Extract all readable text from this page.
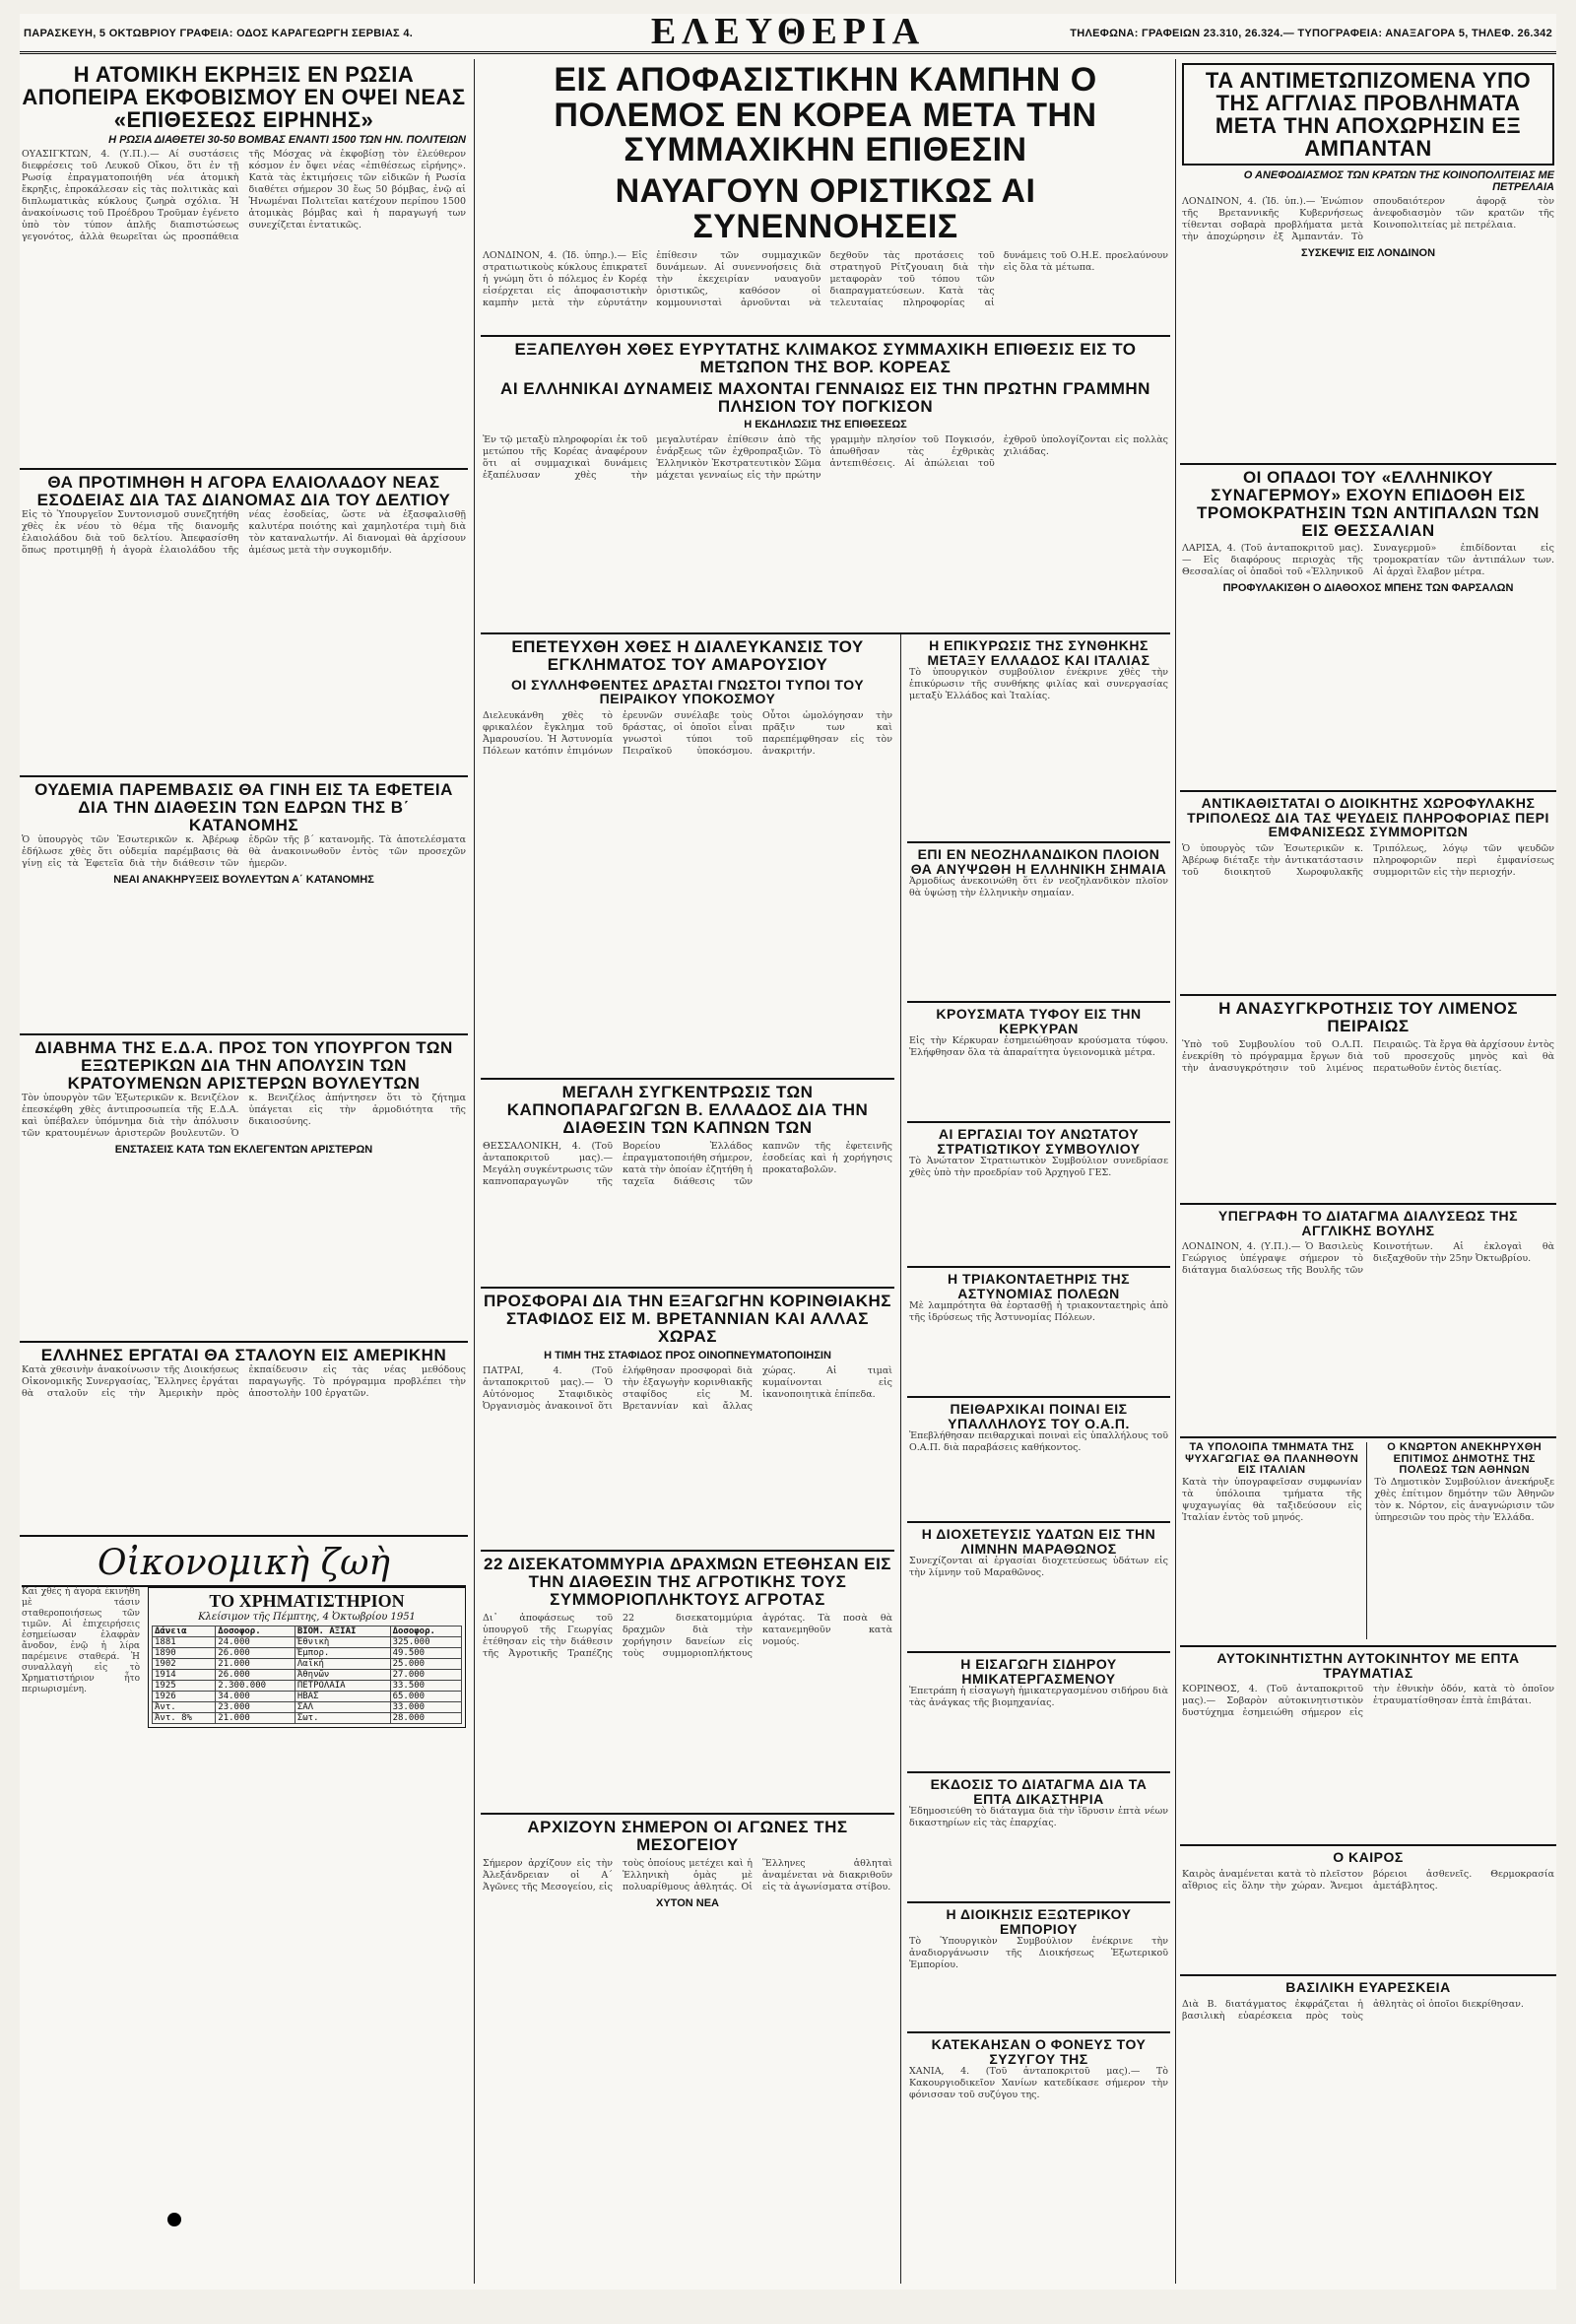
ΠΑΡΑΣΚΕΥΗ, 5 ΟΚΤΩΒΡΙΟΥ ΓΡΑΦΕΙΑ: ΟΔΟΣ ΚΑΡΑΓΕΩΡΓΗ ΣΕΡΒΙΑΣ 4.	ΕΛΕΥΘΕΡΙΑ	ΤΗΛΕΦΩΝΑ: ΓΡΑΦΕΙΩΝ 23.310, 26.324.— ΤΥΠΟΓΡΑΦΕΙΑ: ΑΝΑΞΑΓΟΡΑ 5, ΤΗΛΕΦ. 26.342
Η ΑΤΟΜΙΚΗ ΕΚΡΗΞΙΣ ΕΝ ΡΩΣΙΑ ΑΠΟΠΕΙΡΑ ΕΚΦΟΒΙΣΜΟΥ ΕΝ ΟΨΕΙ ΝΕΑΣ «ΕΠΙΘΕΣΕΩΣ ΕΙΡΗΝΗΣ»
Η ΡΩΣΙΑ ΔΙΑΘΕΤΕΙ 30-50 ΒΟΜΒΑΣ ΕΝΑΝΤΙ 1500 ΤΩΝ ΗΝ. ΠΟΛΙΤΕΙΩΝ
ΟΥΑΣΙΓΚΤΩΝ, 4. (Υ.Π.).— Αί συστάσεις διεφρέσεις τοῦ Λευκοῦ Οἴκου, ὅτι ἐν τῇ Ρωσίᾳ ἐπραγματοποιήθη νέα ἀτομικὴ ἔκρηξις, ἐπροκάλεσαν εἰς τὰς πολιτικὰς καὶ διπλωματικὰς κύκλους ζωηρὰ σχόλια. Ἡ ἀνακοίνωσις τοῦ Προέδρου Τροῦμαν ἐγένετο ὑπὸ τὸν τύπον ἀπλῆς διαπιστώσεως γεγονότος, ἀλλὰ θεωρεῖται ὡς προσπάθεια τῆς Μόσχας νὰ ἐκφοβίσῃ τὸν ἐλεύθερον κόσμον ἐν ὄψει νέας «ἐπιθέσεως εἰρήνης». Κατὰ τὰς ἐκτιμήσεις τῶν εἰδικῶν ἡ Ρωσία διαθέτει σήμερον 30 ἕως 50 βόμβας, ἐνῷ αἱ Ἡνωμέναι Πολιτεῖαι κατέχουν περίπου 1500 ἀτομικὰς βόμβας καὶ ἡ παραγωγή των συνεχίζεται ἐντατικῶς.
ΘΑ ΠΡΟΤΙΜΗΘΗ Η ΑΓΟΡΑ ΕΛΑΙΟΛΑΔΟΥ ΝΕΑΣ ΕΣΟΔΕΙΑΣ ΔΙΑ ΤΑΣ ΔΙΑΝΟΜΑΣ ΔΙΑ ΤΟΥ ΔΕΛΤΙΟΥ
Εἰς τὸ Ὑπουργεῖον Συντονισμοῦ συνεζητήθη χθὲς ἐκ νέου τὸ θέμα τῆς διανομῆς ἐλαιολάδου διὰ τοῦ δελτίου. Ἀπεφασίσθη ὅπως προτιμηθῇ ἡ ἀγορὰ ἐλαιολάδου τῆς νέας ἐσοδείας, ὥστε νὰ ἐξασφαλισθῇ καλυτέρα ποιότης καὶ χαμηλοτέρα τιμὴ διὰ τὸν καταναλωτήν. Αἱ διανομαὶ θὰ ἀρχίσουν ἀμέσως μετὰ τὴν συγκομιδήν.
ΟΥΔΕΜΙΑ ΠΑΡΕΜΒΑΣΙΣ ΘΑ ΓΙΝΗ ΕΙΣ ΤΑ ΕΦΕΤΕΙΑ ΔΙΑ ΤΗΝ ΔΙΑΘΕΣΙΝ ΤΩΝ ΕΔΡΩΝ ΤΗΣ Β΄ ΚΑΤΑΝΟΜΗΣ
Ὁ ὑπουργὸς τῶν Ἐσωτερικῶν κ. Ἀβέρωφ ἐδήλωσε χθὲς ὅτι οὐδεμία παρέμβασις θὰ γίνῃ εἰς τὰ Ἐφετεῖα διὰ τὴν διάθεσιν τῶν ἑδρῶν τῆς β΄ κατανομῆς. Τὰ ἀποτελέσματα θὰ ἀνακοινωθοῦν ἐντὸς τῶν προσεχῶν ἡμερῶν.
ΝΕΑΙ ΑΝΑΚΗΡΥΞΕΙΣ ΒΟΥΛΕΥΤΩΝ Α΄ ΚΑΤΑΝΟΜΗΣ
ΔΙΑΒΗΜΑ ΤΗΣ Ε.Δ.Α. ΠΡΟΣ ΤΟΝ ΥΠΟΥΡΓΟΝ ΤΩΝ ΕΞΩΤΕΡΙΚΩΝ ΔΙΑ ΤΗΝ ΑΠΟΛΥΣΙΝ ΤΩΝ ΚΡΑΤΟΥΜΕΝΩΝ ΑΡΙΣΤΕΡΩΝ ΒΟΥΛΕΥΤΩΝ
Τὸν ὑπουργὸν τῶν Ἐξωτερικῶν κ. Βενιζέλον ἐπεσκέφθη χθὲς ἀντιπροσωπεία τῆς Ε.Δ.Α. καὶ ὑπέβαλεν ὑπόμνημα διὰ τὴν ἀπόλυσιν τῶν κρατουμένων ἀριστερῶν βουλευτῶν. Ὁ κ. Βενιζέλος ἀπήντησεν ὅτι τὸ ζήτημα ὑπάγεται εἰς τὴν ἁρμοδιότητα τῆς δικαιοσύνης.
ΕΝΣΤΑΣΕΙΣ ΚΑΤΑ ΤΩΝ ΕΚΛΕΓΕΝΤΩΝ ΑΡΙΣΤΕΡΩΝ
ΕΛΛΗΝΕΣ ΕΡΓΑΤΑΙ ΘΑ ΣΤΑΛΟΥΝ ΕΙΣ ΑΜΕΡΙΚΗΝ
Κατὰ χθεσινὴν ἀνακοίνωσιν τῆς Διοικήσεως Οἰκονομικῆς Συνεργασίας, Ἕλληνες ἐργάται θὰ σταλοῦν εἰς τὴν Ἀμερικὴν πρὸς ἐκπαίδευσιν εἰς τὰς νέας μεθόδους παραγωγῆς. Τὸ πρόγραμμα προβλέπει τὴν ἀποστολὴν 100 ἐργατῶν.
Οἰκονομικὴ ζωὴ
Καὶ χθὲς ἡ ἀγορὰ ἐκινήθη μὲ τάσιν σταθεροποιήσεως τῶν τιμῶν. Αἱ ἐπιχειρήσεις ἐσημείωσαν ἐλαφρὰν ἄνοδον, ἐνῷ ἡ λίρα παρέμεινε σταθερά. Ἡ συναλλαγὴ εἰς τὸ Χρηματιστήριον ἦτο περιωρισμένη.
ΤΟ ΧΡΗΜΑΤΙΣΤΗΡΙΟΝ
Κλείσιμον τῆς Πέμπτης, 4 Ὀκτωβρίου 1951
Δάνεια	Δοσοφορ.	ΒΙΟΜ. ΑΞΙΑΙ	Δοσοφορ.
1881	24.000	Ἐθνικὴ	325.000
1890	26.000	Ἐμπορ.	49.500
1902	21.000	Λαϊκή	25.000
1914	26.000	Ἀθηνῶν	27.000
1925	2.300.000	ΠΕΤΡΟΛΑΙΑ	33.500
1926	34.000	ΗΒΑΣ	65.000
Ἀντ.	23.000	ΣΑΛ	33.000
Ἀντ. 8%	21.000	Σωτ.	28.000
ΕΙΣ ΑΠΟΦΑΣΙΣΤΙΚΗΝ ΚΑΜΠΗΝ Ο ΠΟΛΕΜΟΣ ΕΝ ΚΟΡΕΑ ΜΕΤΑ ΤΗΝ ΣΥΜΜΑΧΙΚΗΝ ΕΠΙΘΕΣΙΝ
ΝΑΥΑΓΟΥΝ ΟΡΙΣΤΙΚΩΣ ΑΙ ΣΥΝΕΝΝΟΗΣΕΙΣ
ΛΟΝΔΙΝΟΝ, 4. (Ἰδ. ὑπηρ.).— Εἰς στρατιωτικοὺς κύκλους ἐπικρατεῖ ἡ γνώμη ὅτι ὁ πόλεμος ἐν Κορέᾳ εἰσέρχεται εἰς ἀποφασιστικὴν καμπὴν μετὰ τὴν εὐρυτάτην ἐπίθεσιν τῶν συμμαχικῶν δυνάμεων. Αἱ συνεννοήσεις διὰ τὴν ἐκεχειρίαν ναυαγοῦν ὁριστικῶς, καθόσον οἱ κομμουνισταὶ ἀρνοῦνται νὰ δεχθοῦν τὰς προτάσεις τοῦ στρατηγοῦ Ρίτζγουαιη διὰ τὴν μεταφορὰν τοῦ τόπου τῶν διαπραγματεύσεων. Κατὰ τὰς τελευταίας πληροφορίας αἱ δυνάμεις τοῦ Ο.Η.Ε. προελαύνουν εἰς ὅλα τὰ μέτωπα.
ΕΞΑΠΕΛΥΘΗ ΧΘΕΣ ΕΥΡΥΤΑΤΗΣ ΚΛΙΜΑΚΟΣ ΣΥΜΜΑΧΙΚΗ ΕΠΙΘΕΣΙΣ ΕΙΣ ΤΟ ΜΕΤΩΠΟΝ ΤΗΣ ΒΟΡ. ΚΟΡΕΑΣ
ΑΙ ΕΛΛΗΝΙΚΑΙ ΔΥΝΑΜΕΙΣ ΜΑΧΟΝΤΑΙ ΓΕΝΝΑΙΩΣ ΕΙΣ ΤΗΝ ΠΡΩΤΗΝ ΓΡΑΜΜΗΝ ΠΛΗΣΙΟΝ ΤΟΥ ΠΟΓΚΙΣΟΝ
Η ΕΚΔΗΛΩΣΙΣ ΤΗΣ ΕΠΙΘΕΣΕΩΣ
Ἐν τῷ μεταξὺ πληροφορίαι ἐκ τοῦ μετώπου τῆς Κορέας ἀναφέρουν ὅτι αἱ συμμαχικαὶ δυνάμεις ἐξαπέλυσαν χθὲς τὴν μεγαλυτέραν ἐπίθεσιν ἀπὸ τῆς ἐνάρξεως τῶν ἐχθροπραξιῶν. Τὸ Ἑλληνικὸν Ἐκστρατευτικὸν Σῶμα μάχεται γενναίως εἰς τὴν πρώτην γραμμὴν πλησίον τοῦ Πογκισόν, ἀπωθῆσαν τὰς ἐχθρικὰς ἀντεπιθέσεις. Αἱ ἀπώλειαι τοῦ ἐχθροῦ ὑπολογίζονται εἰς πολλὰς χιλιάδας.
ΕΠΕΤΕΥΧΘΗ ΧΘΕΣ Η ΔΙΑΛΕΥΚΑΝΣΙΣ ΤΟΥ ΕΓΚΛΗΜΑΤΟΣ ΤΟΥ ΑΜΑΡΟΥΣΙΟΥ
ΟΙ ΣΥΛΛΗΦΘΕΝΤΕΣ ΔΡΑΣΤΑΙ ΓΝΩΣΤΟΙ ΤΥΠΟΙ ΤΟΥ ΠΕΙΡΑΙΚΟΥ ΥΠΟΚΟΣΜΟΥ
Διελευκάνθη χθὲς τὸ φρικαλέον ἔγκλημα τοῦ Ἀμαρουσίου. Ἡ Ἀστυνομία Πόλεων κατόπιν ἐπιμόνων ἐρευνῶν συνέλαβε τοὺς δράστας, οἱ ὁποῖοι εἶναι γνωστοὶ τύποι τοῦ Πειραϊκοῦ ὑποκόσμου. Οὗτοι ὡμολόγησαν τὴν πρᾶξιν των καὶ παρεπέμφθησαν εἰς τὸν ἀνακριτήν.
ΜΕΓΑΛΗ ΣΥΓΚΕΝΤΡΩΣΙΣ ΤΩΝ ΚΑΠΝΟΠΑΡΑΓΩΓΩΝ Β. ΕΛΛΑΔΟΣ ΔΙΑ ΤΗΝ ΔΙΑΘΕΣΙΝ ΤΩΝ ΚΑΠΝΩΝ ΤΩΝ
ΘΕΣΣΑΛΟΝΙΚΗ, 4. (Τοῦ ἀνταποκριτοῦ μας).— Μεγάλη συγκέντρωσις τῶν καπνοπαραγωγῶν τῆς Βορείου Ἑλλάδος ἐπραγματοποιήθη σήμερον, κατὰ τὴν ὁποίαν ἐζητήθη ἡ ταχεῖα διάθεσις τῶν καπνῶν τῆς ἐφετεινῆς ἐσοδείας καὶ ἡ χορήγησις προκαταβολῶν.
ΠΡΟΣΦΟΡΑΙ ΔΙΑ ΤΗΝ ΕΞΑΓΩΓΗΝ ΚΟΡΙΝΘΙΑΚΗΣ ΣΤΑΦΙΔΟΣ ΕΙΣ Μ. ΒΡΕΤΑΝΝΙΑΝ ΚΑΙ ΑΛΛΑΣ ΧΩΡΑΣ
Η ΤΙΜΗ ΤΗΣ ΣΤΑΦΙΔΟΣ ΠΡΟΣ ΟΙΝΟΠΝΕΥΜΑΤΟΠΟΙΗΣΙΝ
ΠΑΤΡΑΙ, 4. (Τοῦ ἀνταποκριτοῦ μας).— Ὁ Αὐτόνομος Σταφιδικὸς Ὀργανισμὸς ἀνακοινοῖ ὅτι ἐλήφθησαν προσφοραὶ διὰ τὴν ἐξαγωγὴν κορινθιακῆς σταφίδος εἰς Μ. Βρεταννίαν καὶ ἄλλας χώρας. Αἱ τιμαὶ κυμαίνονται εἰς ἱκανοποιητικὰ ἐπίπεδα.
22 ΔΙΣΕΚΑΤΟΜΜΥΡΙΑ ΔΡΑΧΜΩΝ ΕΤΕΘΗΣΑΝ ΕΙΣ ΤΗΝ ΔΙΑΘΕΣΙΝ ΤΗΣ ΑΓΡΟΤΙΚΗΣ ΤΟΥΣ ΣΥΜΜΟΡΙΟΠΛΗΚΤΟΥΣ ΑΓΡΟΤΑΣ
Δι᾿ ἀποφάσεως τοῦ ὑπουργοῦ τῆς Γεωργίας ἐτέθησαν εἰς τὴν διάθεσιν τῆς Ἀγροτικῆς Τραπέζης 22 δισεκατομμύρια δραχμῶν διὰ τὴν χορήγησιν δανείων εἰς τοὺς συμμοριοπλήκτους ἀγρότας. Τὰ ποσὰ θὰ κατανεμηθοῦν κατὰ νομούς.
ΑΡΧΙΖΟΥΝ ΣΗΜΕΡΟΝ ΟΙ ΑΓΩΝΕΣ ΤΗΣ ΜΕΣΟΓΕΙΟΥ
Σήμερον ἀρχίζουν εἰς τὴν Ἀλεξάνδρειαν οἱ Α΄ Ἀγῶνες τῆς Μεσογείου, εἰς τοὺς ὁποίους μετέχει καὶ ἡ Ἑλληνικὴ ὁμὰς μὲ πολυαρίθμους ἀθλητάς. Οἱ Ἕλληνες ἀθληταὶ ἀναμένεται νὰ διακριθοῦν εἰς τὰ ἀγωνίσματα στίβου.
ΧΥΤΟΝ ΝΕΑ
Η ΕΠΙΚΥΡΩΣΙΣ ΤΗΣ ΣΥΝΘΗΚΗΣ ΜΕΤΑΞΥ ΕΛΛΑΔΟΣ ΚΑΙ ΙΤΑΛΙΑΣ
Τὸ ὑπουργικὸν συμβούλιον ἐνέκρινε χθὲς τὴν ἐπικύρωσιν τῆς συνθήκης φιλίας καὶ συνεργασίας μεταξὺ Ἑλλάδος καὶ Ἰταλίας.
ΕΠΙ ΕΝ ΝΕΟΖΗΛΑΝΔΙΚΟΝ ΠΛΟΙΟΝ ΘΑ ΑΝΥΨΩΘΗ Η ΕΛΛΗΝΙΚΗ ΣΗΜΑΙΑ
Ἀρμοδίως ἀνεκοινώθη ὅτι ἐν νεοζηλανδικὸν πλοῖον θὰ ὑψώσῃ τὴν ἑλληνικὴν σημαίαν.
ΚΡΟΥΣΜΑΤΑ ΤΥΦΟΥ ΕΙΣ ΤΗΝ ΚΕΡΚΥΡΑΝ
Εἰς τὴν Κέρκυραν ἐσημειώθησαν κρούσματα τύφου. Ἐλήφθησαν ὅλα τὰ ἀπαραίτητα ὑγειονομικὰ μέτρα.
ΑΙ ΕΡΓΑΣΙΑΙ ΤΟΥ ΑΝΩΤΑΤΟΥ ΣΤΡΑΤΙΩΤΙΚΟΥ ΣΥΜΒΟΥΛΙΟΥ
Τὸ Ἀνώτατον Στρατιωτικὸν Συμβούλιον συνεδρίασε χθὲς ὑπὸ τὴν προεδρίαν τοῦ Ἀρχηγοῦ ΓΕΣ.
Η ΤΡΙΑΚΟΝΤΑΕΤΗΡΙΣ ΤΗΣ ΑΣΤΥΝΟΜΙΑΣ ΠΟΛΕΩΝ
Μὲ λαμπρότητα θὰ ἑορτασθῇ ἡ τριακονταετηρὶς ἀπὸ τῆς ἱδρύσεως τῆς Ἀστυνομίας Πόλεων.
ΠΕΙΘΑΡΧΙΚΑΙ ΠΟΙΝΑΙ ΕΙΣ ΥΠΑΛΛΗΛΟΥΣ ΤΟΥ Ο.Α.Π.
Ἐπεβλήθησαν πειθαρχικαὶ ποιναὶ εἰς ὑπαλλήλους τοῦ Ο.Α.Π. διὰ παραβάσεις καθήκοντος.
Η ΔΙΟΧΕΤΕΥΣΙΣ ΥΔΑΤΩΝ ΕΙΣ ΤΗΝ ΛΙΜΝΗΝ ΜΑΡΑΘΩΝΟΣ
Συνεχίζονται αἱ ἐργασίαι διοχετεύσεως ὑδάτων εἰς τὴν λίμνην τοῦ Μαραθῶνος.
Η ΕΙΣΑΓΩΓΗ ΣΙΔΗΡΟΥ ΗΜΙΚΑΤΕΡΓΑΣΜΕΝΟΥ
Ἐπετράπη ἡ εἰσαγωγὴ ἡμικατεργασμένου σιδήρου διὰ τὰς ἀνάγκας τῆς βιομηχανίας.
ΕΚΔΟΣΙΣ ΤΟ ΔΙΑΤΑΓΜΑ ΔΙΑ ΤΑ ΕΠΤΑ ΔΙΚΑΣΤΗΡΙΑ
Ἐδημοσιεύθη τὸ διάταγμα διὰ τὴν ἵδρυσιν ἑπτὰ νέων δικαστηρίων εἰς τὰς ἐπαρχίας.
Η ΔΙΟΙΚΗΣΙΣ ΕΞΩΤΕΡΙΚΟΥ ΕΜΠΟΡΙΟΥ
Τὸ Ὑπουργικὸν Συμβούλιον ἐνέκρινε τὴν ἀναδιοργάνωσιν τῆς Διοικήσεως Ἐξωτερικοῦ Ἐμπορίου.
ΚΑΤΕΚΑΗΣΑΝ Ο ΦΟΝΕΥΣ ΤΟΥ ΣΥΖΥΓΟΥ ΤΗΣ
ΧΑΝΙΑ, 4. (Τοῦ ἀνταποκριτοῦ μας).— Τὸ Κακουργιοδικεῖον Χανίων κατεδίκασε σήμερον τὴν φόνισσαν τοῦ συζύγου της.
ΤΑ ΑΝΤΙΜΕΤΩΠΙΖΟΜΕΝΑ ΥΠΟ ΤΗΣ ΑΓΓΛΙΑΣ ΠΡΟΒΛΗΜΑΤΑ ΜΕΤΑ ΤΗΝ ΑΠΟΧΩΡΗΣΙΝ ΕΞ ΑΜΠΑΝΤΑΝ
Ο ΑΝΕΦΟΔΙΑΣΜΟΣ ΤΩΝ ΚΡΑΤΩΝ ΤΗΣ ΚΟΙΝΟΠΟΛΙΤΕΙΑΣ ΜΕ ΠΕΤΡΕΛΑΙΑ
ΛΟΝΔΙΝΟΝ, 4. (Ἰδ. ὑπ.).— Ἐνώπιον τῆς Βρεταννικῆς Κυβερνήσεως τίθενται σοβαρὰ προβλήματα μετὰ τὴν ἀποχώρησιν ἐξ Ἀμπαντάν. Τὸ σπουδαιότερον ἀφορᾷ τὸν ἀνεφοδιασμὸν τῶν κρατῶν τῆς Κοινοπολιτείας μὲ πετρέλαια.
ΣΥΣΚΕΨΙΣ ΕΙΣ ΛΟΝΔΙΝΟΝ
ΟΙ ΟΠΑΔΟΙ ΤΟΥ «ΕΛΛΗΝΙΚΟΥ ΣΥΝΑΓΕΡΜΟΥ» ΕΧΟΥΝ ΕΠΙΔΟΘΗ ΕΙΣ ΤΡΟΜΟΚΡΑΤΗΣΙΝ ΤΩΝ ΑΝΤΙΠΑΛΩΝ ΤΩΝ ΕΙΣ ΘΕΣΣΑΛΙΑΝ
ΛΑΡΙΣΑ, 4. (Τοῦ ἀνταποκριτοῦ μας).— Εἰς διαφόρους περιοχὰς τῆς Θεσσαλίας οἱ ὀπαδοὶ τοῦ «Ἑλληνικοῦ Συναγερμοῦ» ἐπιδίδονται εἰς τρομοκρατίαν τῶν ἀντιπάλων των. Αἱ ἀρχαὶ ἔλαβον μέτρα.
ΠΡΟΦΥΛΑΚΙΣΘΗ Ο ΔΙΑΘΟΧΟΣ ΜΠΕΗΣ ΤΩΝ ΦΑΡΣΑΛΩΝ
ΑΝΤΙΚΑΘΙΣΤΑΤΑΙ Ο ΔΙΟΙΚΗΤΗΣ ΧΩΡΟΦΥΛΑΚΗΣ ΤΡΙΠΟΛΕΩΣ ΔΙΑ ΤΑΣ ΨΕΥΔΕΙΣ ΠΛΗΡΟΦΟΡΙΑΣ ΠΕΡΙ ΕΜΦΑΝΙΣΕΩΣ ΣΥΜΜΟΡΙΤΩΝ
Ὁ ὑπουργὸς τῶν Ἐσωτερικῶν κ. Ἀβέρωφ διέταξε τὴν ἀντικατάστασιν τοῦ διοικητοῦ Χωροφυλακῆς Τριπόλεως, λόγῳ τῶν ψευδῶν πληροφοριῶν περὶ ἐμφανίσεως συμμοριτῶν εἰς τὴν περιοχήν.
Η ΑΝΑΣΥΓΚΡΟΤΗΣΙΣ ΤΟΥ ΛΙΜΕΝΟΣ ΠΕΙΡΑΙΩΣ
Ὑπὸ τοῦ Συμβουλίου τοῦ Ο.Λ.Π. ἐνεκρίθη τὸ πρόγραμμα ἔργων διὰ τὴν ἀνασυγκρότησιν τοῦ λιμένος Πειραιῶς. Τὰ ἔργα θὰ ἀρχίσουν ἐντὸς τοῦ προσεχοῦς μηνὸς καὶ θὰ περατωθοῦν ἐντὸς διετίας.
ΥΠΕΓΡΑΦΗ ΤΟ ΔΙΑΤΑΓΜΑ ΔΙΑΛΥΣΕΩΣ ΤΗΣ ΑΓΓΛΙΚΗΣ ΒΟΥΛΗΣ
ΛΟΝΔΙΝΟΝ, 4. (Υ.Π.).— Ὁ Βασιλεὺς Γεώργιος ὑπέγραψε σήμερον τὸ διάταγμα διαλύσεως τῆς Βουλῆς τῶν Κοινοτήτων. Αἱ ἐκλογαὶ θὰ διεξαχθοῦν τὴν 25ην Ὀκτωβρίου.
ΤΑ ΥΠΟΛΟΙΠΑ ΤΜΗΜΑΤΑ ΤΗΣ ΨΥΧΑΓΩΓΙΑΣ ΘΑ ΠΛΑΝΗΘΟΥΝ ΕΙΣ ΙΤΑΛΙΑΝ
Κατὰ τὴν ὑπογραφεῖσαν συμφωνίαν τὰ ὑπόλοιπα τμήματα τῆς ψυχαγωγίας θὰ ταξιδεύσουν εἰς Ἰταλίαν ἐντὸς τοῦ μηνός.
Ο ΚΝΩΡΤΟΝ ΑΝΕΚΗΡΥΧΘΗ ΕΠΙΤΙΜΟΣ ΔΗΜΟΤΗΣ ΤΗΣ ΠΟΛΕΩΣ ΤΩΝ ΑΘΗΝΩΝ
Τὸ Δημοτικὸν Συμβούλιον ἀνεκήρυξε χθὲς ἐπίτιμον δημότην τῶν Ἀθηνῶν τὸν κ. Νόρτον, εἰς ἀναγνώρισιν τῶν ὑπηρεσιῶν του πρὸς τὴν Ἑλλάδα.
ΑΥΤΟΚΙΝΗΤΙΣΤΗΝ ΑΥΤΟΚΙΝΗΤΟΥ ΜΕ ΕΠΤΑ ΤΡΑΥΜΑΤΙΑΣ
ΚΟΡΙΝΘΟΣ, 4. (Τοῦ ἀνταποκριτοῦ μας).— Σοβαρὸν αὐτοκινητιστικὸν δυστύχημα ἐσημειώθη σήμερον εἰς τὴν ἐθνικὴν ὁδόν, κατὰ τὸ ὁποῖον ἐτραυματίσθησαν ἑπτὰ ἐπιβάται.
Ο ΚΑΙΡΟΣ
Καιρὸς ἀναμένεται κατὰ τὸ πλεῖστον αἴθριος εἰς ὅλην τὴν χώραν. Ἄνεμοι βόρειοι ἀσθενεῖς. Θερμοκρασία ἀμετάβλητος.
ΒΑΣΙΛΙΚΗ ΕΥΑΡΕΣΚΕΙΑ
Διὰ Β. διατάγματος ἐκφράζεται ἡ βασιλικὴ εὐαρέσκεια πρὸς τοὺς ἀθλητὰς οἱ ὁποῖοι διεκρίθησαν.
